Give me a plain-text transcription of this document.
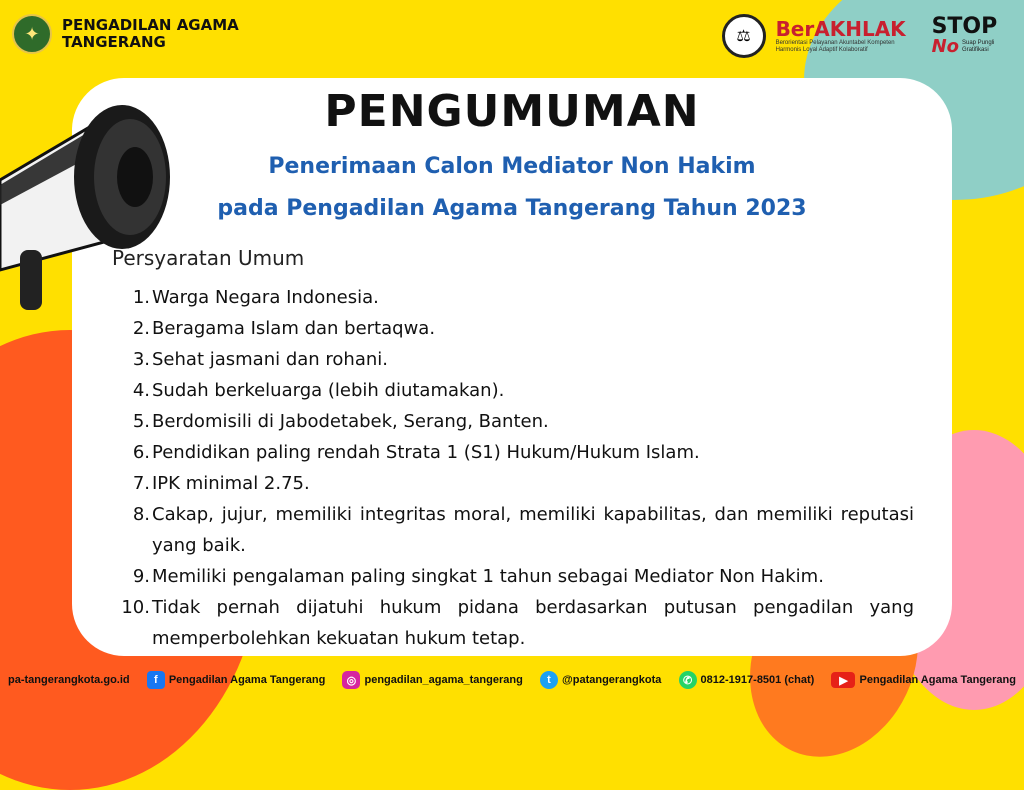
✦	PENGADILAN AGAMA
TANGERANG	⚖	BerAKHLAK
Berorientasi Pelayanan Akuntabel Kompeten Harmonis Loyal Adaptif Kolaboratif
STOP
No Suap Pungli Gratifikasi
PENGUMUMAN
Penerimaan Calon Mediator Non Hakim
pada Pengadilan Agama Tangerang Tahun 2023
Persyaratan Umum
1. Warga Negara Indonesia.
2. Beragama Islam dan bertaqwa.
3. Sehat jasmani dan rohani.
4. Sudah berkeluarga (lebih diutamakan).
5. Berdomisili di Jabodetabek, Serang, Banten.
6. Pendidikan paling rendah Strata 1 (S1) Hukum/Hukum Islam.
7. IPK minimal 2.75.
8. Cakap, jujur, memiliki integritas moral, memiliki kapabilitas, dan memiliki reputasi yang baik.
9. Memiliki pengalaman paling singkat 1 tahun sebagai Mediator Non Hakim.
10. Tidak pernah dijatuhi hukum pidana berdasarkan putusan pengadilan yang memperbolehkan kekuatan hukum tetap.
pa-tangerangkota.go.id	f	Pengadilan Agama Tangerang	◎ pengadilan_agama_tangerang	t	@patangerangkota	✆ 0812-1917-8501 (chat)	▶	Pengadilan Agama Tangerang
